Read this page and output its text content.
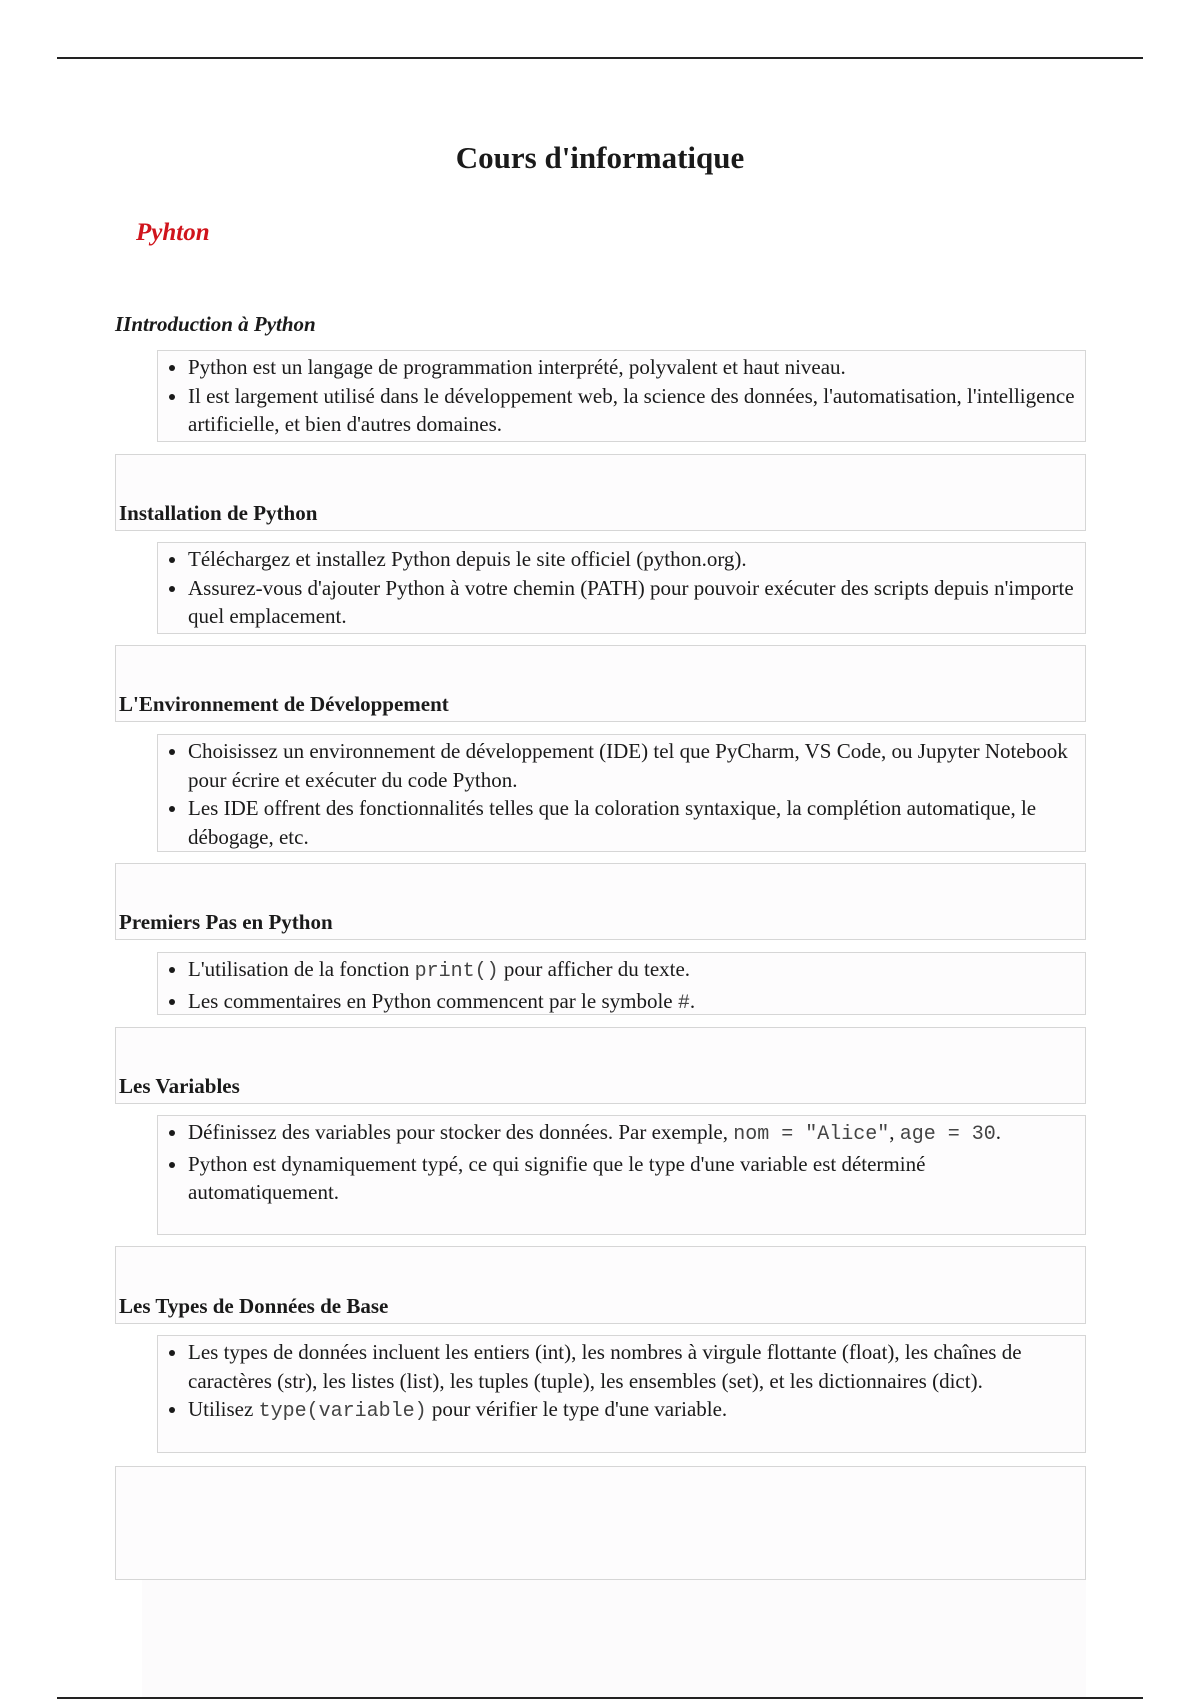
Cours d'informatique
Pyhton
IIntroduction à Python
• Python est un langage de programmation interprété, polyvalent et haut niveau.
• Il est largement utilisé dans le développement web, la science des données, l'automatisation, l'intelligence artificielle, et bien d'autres domaines.
Installation de Python
• Téléchargez et installez Python depuis le site officiel (python.org).
• Assurez-vous d'ajouter Python à votre chemin (PATH) pour pouvoir exécuter des scripts depuis n'importe quel emplacement.
L'Environnement de Développement
• Choisissez un environnement de développement (IDE) tel que PyCharm, VS Code, ou Jupyter Notebook pour écrire et exécuter du code Python.
• Les IDE offrent des fonctionnalités telles que la coloration syntaxique, la complétion automatique, le débogage, etc.
Premiers Pas en Python
• L'utilisation de la fonction print() pour afficher du texte.
• Les commentaires en Python commencent par le symbole #.
Les Variables
• Définissez des variables pour stocker des données. Par exemple, nom = "Alice", age = 30.
• Python est dynamiquement typé, ce qui signifie que le type d'une variable est déterminé automatiquement.
Les Types de Données de Base
• Les types de données incluent les entiers (int), les nombres à virgule flottante (float), les chaînes de caractères (str), les listes (list), les tuples (tuple), les ensembles (set), et les dictionnaires (dict).
• Utilisez type(variable) pour vérifier le type d'une variable.
